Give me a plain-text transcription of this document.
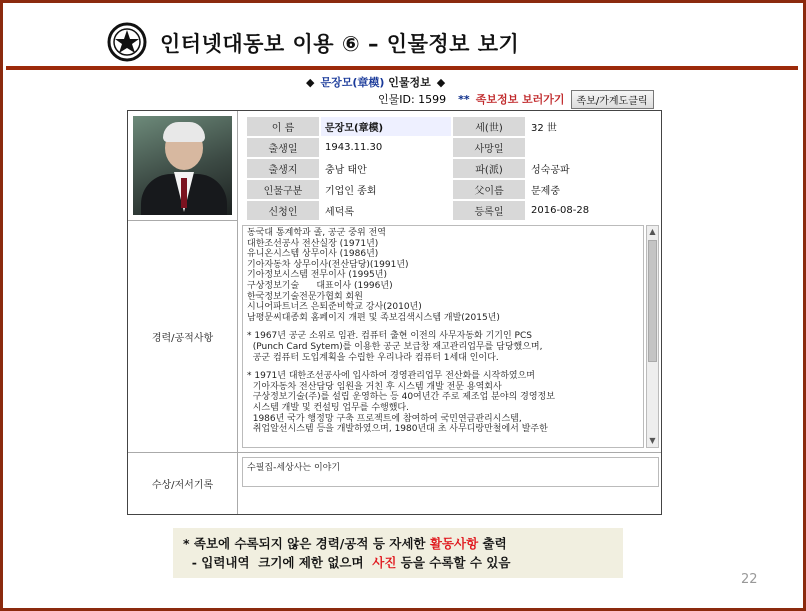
인터넷대동보 이용 ⑥ – 인물정보 보기
◆ 문장모(章模) 인물정보 ◆
인물ID: 1599 ** 족보정보 보러가기	족보/가계도클릭
이 름	문장모(章模)	세(世)	32 世
출생일	1943.11.30	사망일	
출생지	충남 태안	파(派)	성숙공파
인물구분	기업인 종회	父이름	문제중
신청인	세덕록	등록일	2016-08-28
경력/공적사항

동국대 통계학과 졸, 공군 중위 전역

대한조선공사 전산실장 (1971년)

유니온시스템 상무이사 (1986년)

기아자동차 상무이사(전산담당)(1991년)

기아정보시스템 전무이사 (1995년)

구상정보기술      대표이사 (1996년)

한국정보기술전문가협회 회원

시니어파트너즈 은퇴준비학교 강사(2010년)

남평문씨대종회 홈페이지 개편 및 족보검색시스템 개발(2015년)

* 1967년 공군 소위로 임관. 컴퓨터 출현 이전의 사무자동화 기기인 PCS

(Punch Card Sytem)를 이용한 공군 보급창 재고관리업무를 담당했으며,

공군 컴퓨터 도입계획을 수립한 우리나라 컴퓨터 1세대 인이다.

* 1971년 대한조선공사에 입사하여 경영관리업무 전산화를 시작하였으며

기아자동차 전산담당 임원을 거친 후 시스템 개발 전문 용역회사

구상정보기술(주)를 설립 운영하는 등 40여년간 주로 제조업 분야의 경영정보

시스템 개발 및 컨설팅 업무를 수행했다.

1986년 국가 행정망 구축 프로젝트에 참여하여 국민연금관리시스템,

취업알선시스템 등을 개발하였으며, 1980년대 초 사무디랑만철에서 발주한

▲
▼
수상/저서기록
수필집-세상사는 이야기
* 족보에 수록되지 않은 경력/공적 등 자세한 활동사항 출력
- 입력내역  크기에 제한 없으며  사진 등을 수록할 수 있음
22
